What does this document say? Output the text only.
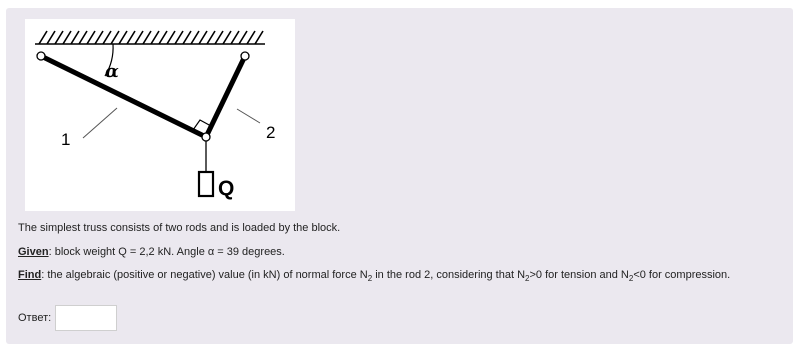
α
1	2
Q
The simplest truss consists of two rods and is loaded by the block.
Given: block weight Q = 2,2 kN. Angle α = 39 degrees.
Find: the algebraic (positive or negative) value (in kN) of normal force $N_2$ in the rod 2, considering that $N_2>0$ for tension and $N_2<0$ for compression.
Ответ:
